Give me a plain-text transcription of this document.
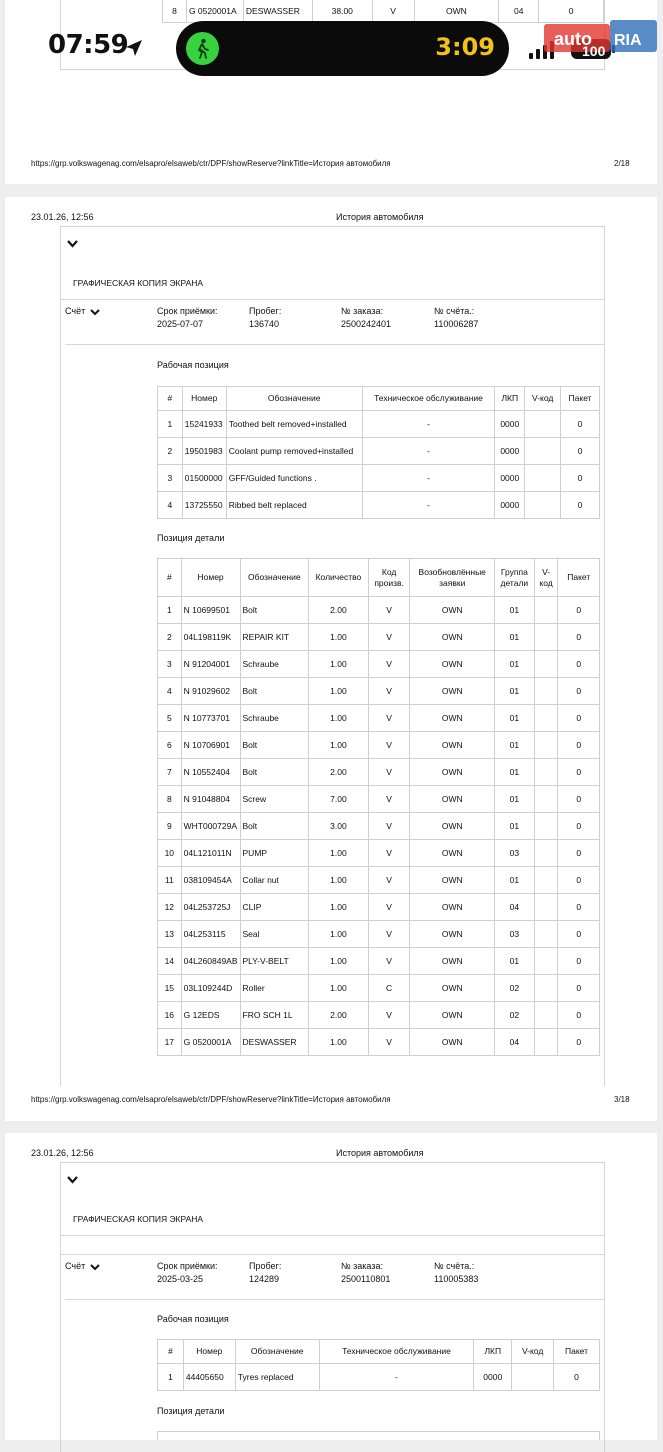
8	G 0520001A	DESWASSER	38.00	V	OWN	04	0
https://grp.volkswagenag.com/elsapro/elsaweb/ctr/DPF/showReserve?linkTitle=История автомобиля	2/18
07:59	3:09	auto RIA
100
23.01.26, 12:56	История автомобиля
ГРАФИЧЕСКАЯ КОПИЯ ЭКРАНА
Счёт	Срок приёмки:
2025-07-07
Пробег:
136740
№ заказа:
2500242401
№ счёта.:
110006287
Рабочая позиция
#	Номер	Обозначение	Техническое обслуживание	ЛКП	V-код	Пакет
1	15241933	Toothed belt removed+installed	-	0000		0
2	19501983	Coolant pump removed+installed	-	0000		0
3	01500000	GFF/Guided functions .	-	0000		0
4	13725550	Ribbed belt replaced	-	0000		0
Позиция детали
#	Номер	Обозначение	Количество	Код произв.	Возобновлённые заявки	Группа детали	V-код	Пакет
1	N 10699501	Bolt	2.00	V	OWN	01		0
2	04L198119K	REPAIR KIT	1.00	V	OWN	01		0
3	N 91204001	Schraube	1.00	V	OWN	01		0
4	N 91029602	Bolt	1.00	V	OWN	01		0
5	N 10773701	Schraube	1.00	V	OWN	01		0
6	N 10706901	Bolt	1.00	V	OWN	01		0
7	N 10552404	Bolt	2.00	V	OWN	01		0
8	N 91048804	Screw	7.00	V	OWN	01		0
9	WHT000729A	Bolt	3.00	V	OWN	01		0
10	04L121011N	PUMP	1.00	V	OWN	03		0
11	038109454A	Collar nut	1.00	V	OWN	01		0
12	04L253725J	CLIP	1.00	V	OWN	04		0
13	04L253115	Seal	1.00	V	OWN	03		0
14	04L260849AB	PLY-V-BELT	1.00	V	OWN	01		0
15	03L109244D	Roller	1.00	C	OWN	02		0
16	G 12EDS	FRO SCH 1L	2.00	V	OWN	02		0
17	G 0520001A	DESWASSER	1.00	V	OWN	04		0
https://grp.volkswagenag.com/elsapro/elsaweb/ctr/DPF/showReserve?linkTitle=История автомобиля	3/18
23.01.26, 12:56	История автомобиля
ГРАФИЧЕСКАЯ КОПИЯ ЭКРАНА
Счёт	Срок приёмки:
2025-03-25
Пробег:
124289
№ заказа:
2500110801
№ счёта.:
110005383
Рабочая позиция
#	Номер	Обозначение	Техническое обслуживание	ЛКП	V-код	Пакет
1	44405650	Tyres replaced	-	0000		0
Позиция детали
